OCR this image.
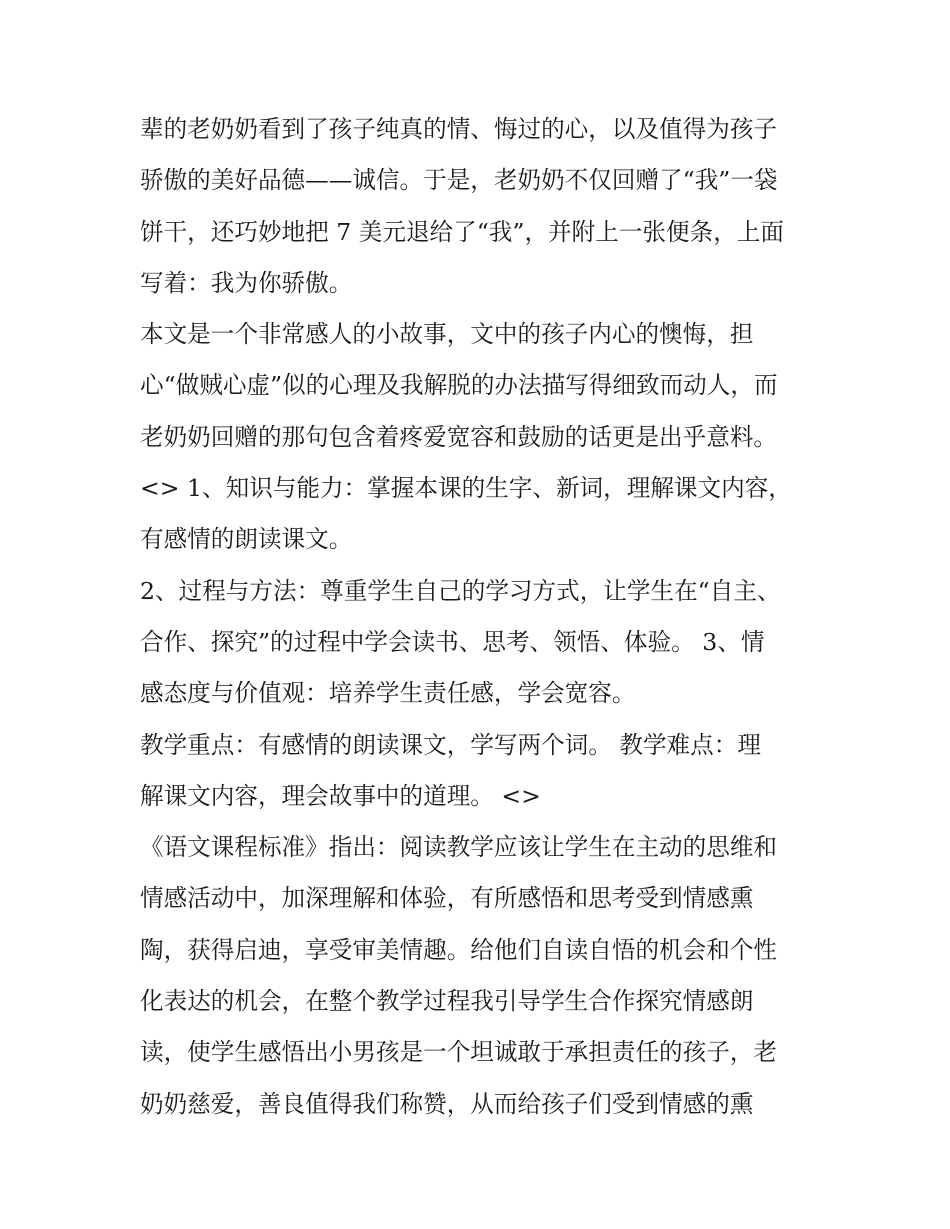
辈的老奶奶看到了孩子纯真的情、悔过的心，以及值得为孩子
骄傲的美好品德——诚信。于是，老奶奶不仅回赠了“我”一袋
饼干，还巧妙地把 7 美元退给了“我”，并附上一张便条，上面
写着：我为你骄傲。
本文是一个非常感人的小故事，文中的孩子内心的懊悔，担
心“做贼心虚”似的心理及我解脱的办法描写得细致而动人，而
老奶奶回赠的那句包含着疼爱宽容和鼓励的话更是出乎意料。
<> 1、知识与能力：掌握本课的生字、新词，理解课文内容，
有感情的朗读课文。
2、过程与方法：尊重学生自己的学习方式，让学生在“自主、
合作、探究”的过程中学会读书、思考、领悟、体验。 3、情
感态度与价值观：培养学生责任感，学会宽容。
教学重点：有感情的朗读课文，学写两个词。 教学难点：理
解课文内容，理会故事中的道理。 <>
《语文课程标准》指出：阅读教学应该让学生在主动的思维和
情感活动中，加深理解和体验，有所感悟和思考受到情感熏
陶，获得启迪，享受审美情趣。给他们自读自悟的机会和个性
化表达的机会，在整个教学过程我引导学生合作探究情感朗
读，使学生感悟出小男孩是一个坦诚敢于承担责任的孩子，老
奶奶慈爱，善良值得我们称赞，从而给孩子们受到情感的熏
